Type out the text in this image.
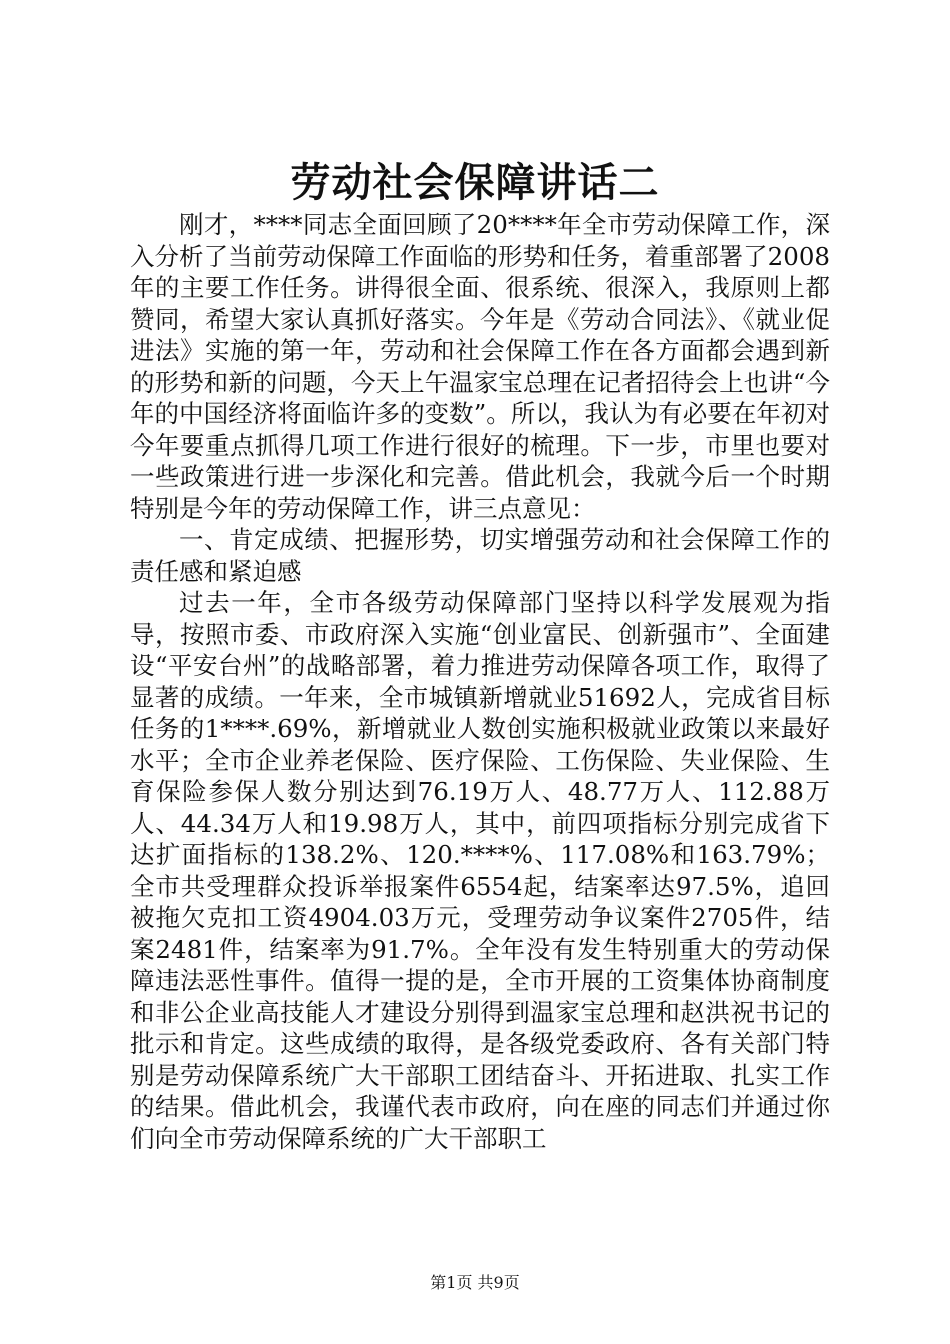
劳动社会保障讲话二

刚才，****同志全面回顾了20****年全市劳动保障工作，深入分析了当前劳动保障工作面临的形势和任务，着重部署了2008年的主要工作任务。讲得很全面、很系统、很深入，我原则上都赞同，希望大家认真抓好落实。今年是《劳动合同法》、《就业促进法》实施的第一年，劳动和社会保障工作在各方面都会遇到新的形势和新的问题，今天上午温家宝总理在记者招待会上也讲“今年的中国经济将面临许多的变数”。所以，我认为有必要在年初对今年要重点抓得几项工作进行很好的梳理。下一步，市里也要对一些政策进行进一步深化和完善。借此机会，我就今后一个时期特别是今年的劳动保障工作，讲三点意见：

一、肯定成绩、把握形势，切实增强劳动和社会保障工作的责任感和紧迫感

过去一年，全市各级劳动保障部门坚持以科学发展观为指导，按照市委、市政府深入实施“创业富民、创新强市”、全面建设“平安台州”的战略部署，着力推进劳动保障各项工作，取得了显著的成绩。一年来，全市城镇新增就业51692人，完成省目标任务的1****.69%，新增就业人数创实施积极就业政策以来最好水平；全市企业养老保险、医疗保险、工伤保险、失业保险、生育保险参保人数分别达到76.19万人、48.77万人、112.88万人、44.34万人和19.98万人，其中，前四项指标分别完成省下达扩面指标的138.2%、120.****%、117.08%和163.79%；全市共受理群众投诉举报案件6554起，结案率达97.5%，追回被拖欠克扣工资4904.03万元，受理劳动争议案件2705件，结案2481件，结案率为91.7%。全年没有发生特别重大的劳动保障违法恶性事件。值得一提的是，全市开展的工资集体协商制度和非公企业高技能人才建设分别得到温家宝总理和赵洪祝书记的批示和肯定。这些成绩的取得，是各级党委政府、各有关部门特别是劳动保障系统广大干部职工团结奋斗、开拓进取、扎实工作的结果。借此机会，我谨代表市政府，向在座的同志们并通过你们向全市劳动保障系统的广大干部职工

第1页 共9页
